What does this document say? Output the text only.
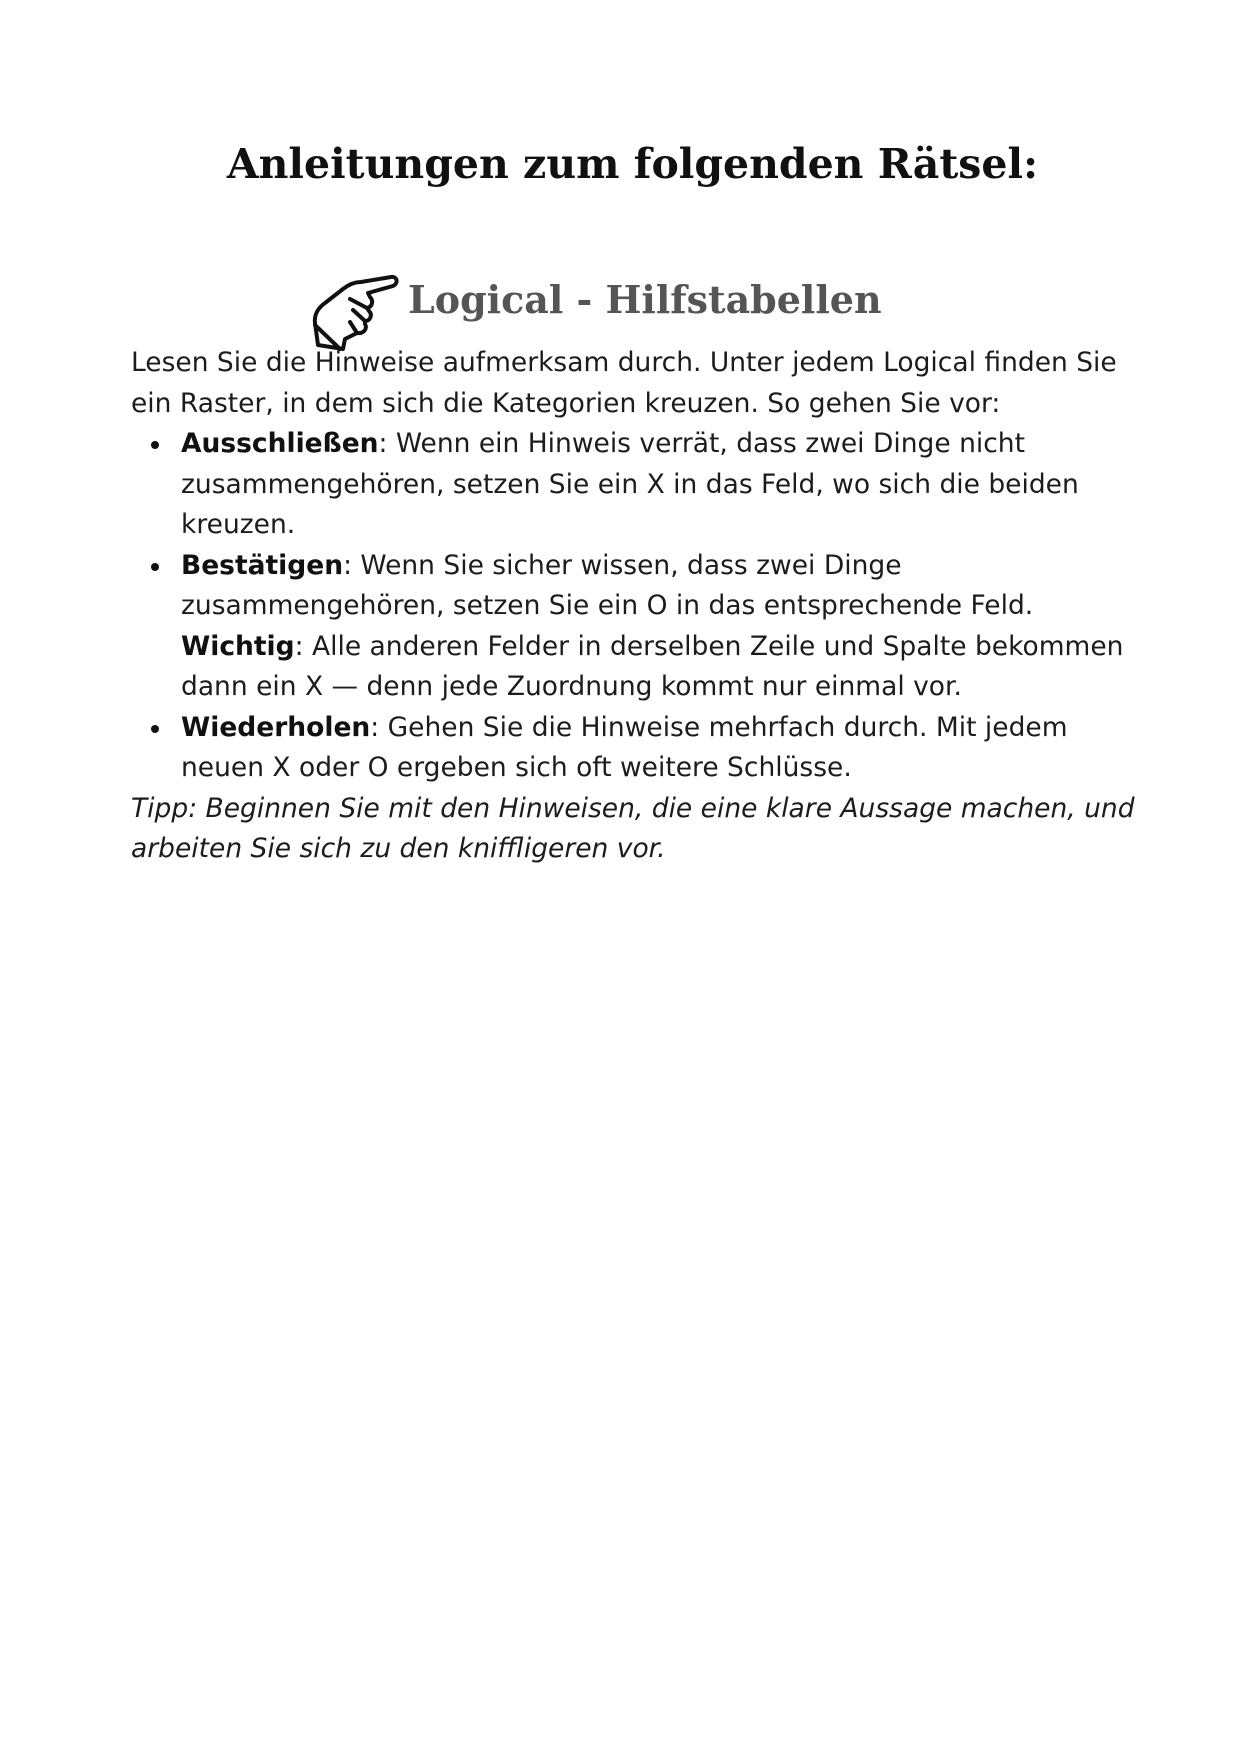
Anleitungen zum folgenden Rätsel:
Logical - Hilfstabellen

Lesen Sie die Hinweise aufmerksam durch. Unter jedem Logical finden Sie ein Raster, in dem sich die Kategorien kreuzen. So gehen Sie vor:

Ausschließen: Wenn ein Hinweis verrät, dass zwei Dinge nicht zusammengehören, setzen Sie ein X in das Feld, wo sich die beiden kreuzen.
Bestätigen: Wenn Sie sicher wissen, dass zwei Dinge zusammengehören, setzen Sie ein O in das entsprechende Feld. Wichtig: Alle anderen Felder in derselben Zeile und Spalte bekommen dann ein X — denn jede Zuordnung kommt nur einmal vor.
Wiederholen: Gehen Sie die Hinweise mehrfach durch. Mit jedem neuen X oder O ergeben sich oft weitere Schlüsse.

Tipp: Beginnen Sie mit den Hinweisen, die eine klare Aussage machen, und arbeiten Sie sich zu den kniffligeren vor.
